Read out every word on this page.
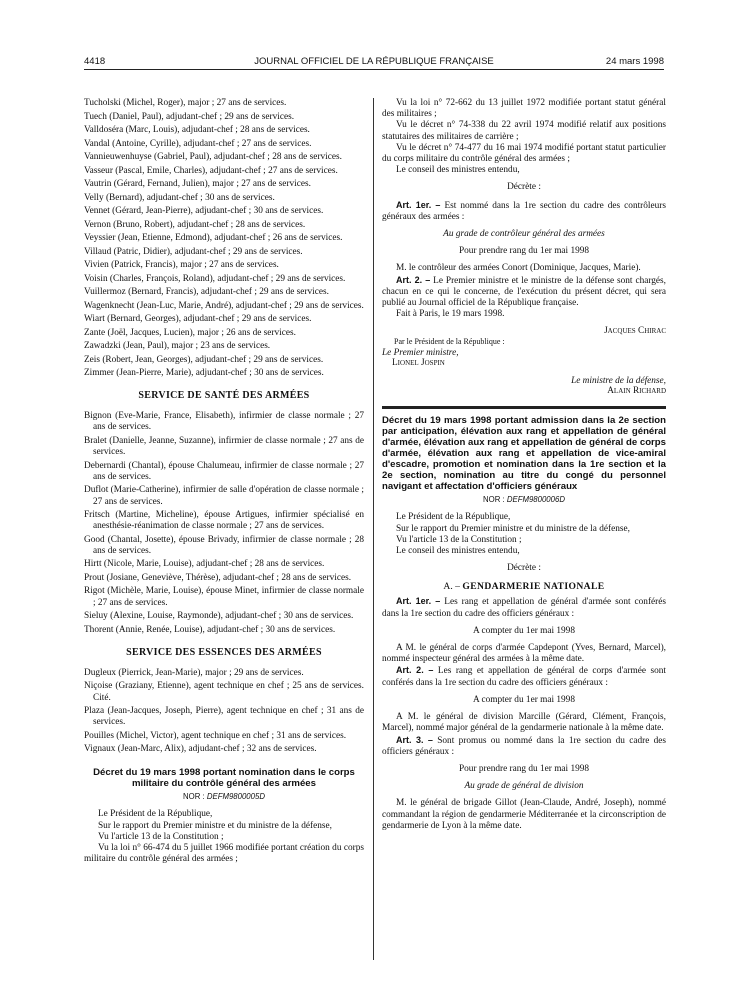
4418	JOURNAL OFFICIEL DE LA RÉPUBLIQUE FRANÇAISE	24 mars 1998

Tucholski (Michel, Roger), major ; 27 ans de services.

Tuech (Daniel, Paul), adjudant-chef ; 29 ans de services.

Valldoséra (Marc, Louis), adjudant-chef ; 28 ans de services.

Vandal (Antoine, Cyrille), adjudant-chef ; 27 ans de services.

Vannieuwenhuyse (Gabriel, Paul), adjudant-chef ; 28 ans de services.

Vasseur (Pascal, Emile, Charles), adjudant-chef ; 27 ans de services.

Vautrin (Gérard, Fernand, Julien), major ; 27 ans de services.

Velly (Bernard), adjudant-chef ; 30 ans de services.

Vennet (Gérard, Jean-Pierre), adjudant-chef ; 30 ans de services.

Vernon (Bruno, Robert), adjudant-chef ; 28 ans de services.

Veyssier (Jean, Etienne, Edmond), adjudant-chef ; 26 ans de services.

Villaud (Patric, Didier), adjudant-chef ; 29 ans de services.

Vivien (Patrick, Francis), major ; 27 ans de services.

Voisin (Charles, François, Roland), adjudant-chef ; 29 ans de services.

Vuillermoz (Bernard, Francis), adjudant-chef ; 29 ans de services.

Wagenknecht (Jean-Luc, Marie, André), adjudant-chef ; 29 ans de services.

Wiart (Bernard, Georges), adjudant-chef ; 29 ans de services.

Zante (Joël, Jacques, Lucien), major ; 26 ans de services.

Zawadzki (Jean, Paul), major ; 23 ans de services.

Zeis (Robert, Jean, Georges), adjudant-chef ; 29 ans de services.

Zimmer (Jean-Pierre, Marie), adjudant-chef ; 30 ans de services.

SERVICE DE SANTÉ DES ARMÉES

Bignon (Eve-Marie, France, Elisabeth), infirmier de classe normale ; 27 ans de services.

Bralet (Danielle, Jeanne, Suzanne), infirmier de classe normale ; 27 ans de services.

Debernardi (Chantal), épouse Chalumeau, infirmier de classe normale ; 27 ans de services.

Duflot (Marie-Catherine), infirmier de salle d'opération de classe normale ; 27 ans de services.

Fritsch (Martine, Micheline), épouse Artigues, infirmier spécialisé en anesthésie-réanimation de classe normale ; 27 ans de services.

Good (Chantal, Josette), épouse Brivady, infirmier de classe normale ; 28 ans de services.

Hirtt (Nicole, Marie, Louise), adjudant-chef ; 28 ans de services.

Prout (Josiane, Geneviève, Thérèse), adjudant-chef ; 28 ans de services.

Rigot (Michèle, Marie, Louise), épouse Minet, infirmier de classe normale ; 27 ans de services.

Sieluy (Alexine, Louise, Raymonde), adjudant-chef ; 30 ans de services.

Thorent (Annie, Renée, Louise), adjudant-chef ; 30 ans de services.

SERVICE DES ESSENCES DES ARMÉES

Dugleux (Pierrick, Jean-Marie), major ; 29 ans de services.

Niçoise (Graziany, Etienne), agent technique en chef ; 25 ans de services. Cité.

Plaza (Jean-Jacques, Joseph, Pierre), agent technique en chef ; 31 ans de services.

Pouilles (Michel, Victor), agent technique en chef ; 31 ans de services.

Vignaux (Jean-Marc, Alix), adjudant-chef ; 32 ans de services.

Décret du 19 mars 1998 portant nomination dans le corps militaire du contrôle général des armées

NOR : DEFM9800005D

Le Président de la République,

Sur le rapport du Premier ministre et du ministre de la défense,

Vu l'article 13 de la Constitution ;

Vu la loi n° 66-474 du 5 juillet 1966 modifiée portant création du corps militaire du contrôle général des armées ;

Vu la loi n° 72-662 du 13 juillet 1972 modifiée portant statut général des militaires ;

Vu le décret n° 74-338 du 22 avril 1974 modifié relatif aux positions statutaires des militaires de carrière ;

Vu le décret n° 74-477 du 16 mai 1974 modifié portant statut particulier du corps militaire du contrôle général des armées ;

Le conseil des ministres entendu,

Décrète :

Art. 1er. – Est nommé dans la 1re section du cadre des contrôleurs généraux des armées :

Au grade de contrôleur général des armées

Pour prendre rang du 1er mai 1998

M. le contrôleur des armées Conort (Dominique, Jacques, Marie).

Art. 2. – Le Premier ministre et le ministre de la défense sont chargés, chacun en ce qui le concerne, de l'exécution du présent décret, qui sera publié au Journal officiel de la République française.

Fait à Paris, le 19 mars 1998.

Jacques Chirac

Par le Président de la République :

Le Premier ministre,

Lionel Jospin

Le ministre de la défense,

Alain Richard

Décret du 19 mars 1998 portant admission dans la 2e section par anticipation, élévation aux rang et appellation de général d'armée, élévation aux rang et appellation de général de corps d'armée, élévation aux rang et appellation de vice-amiral d'escadre, promotion et nomination dans la 1re section et la 2e section, nomination au titre du congé du personnel navigant et affectation d'officiers généraux

NOR : DEFM9800006D

Le Président de la République,

Sur le rapport du Premier ministre et du ministre de la défense,

Vu l'article 13 de la Constitution ;

Le conseil des ministres entendu,

Décrète :

A. – GENDARMERIE NATIONALE

Art. 1er. – Les rang et appellation de général d'armée sont conférés dans la 1re section du cadre des officiers généraux :

A compter du 1er mai 1998

A M. le général de corps d'armée Capdepont (Yves, Bernard, Marcel), nommé inspecteur général des armées à la même date.

Art. 2. – Les rang et appellation de général de corps d'armée sont conférés dans la 1re section du cadre des officiers généraux :

A compter du 1er mai 1998

A M. le général de division Marcille (Gérard, Clément, François, Marcel), nommé major général de la gendarmerie nationale à la même date.

Art. 3. – Sont promus ou nommé dans la 1re section du cadre des officiers généraux :

Pour prendre rang du 1er mai 1998

Au grade de général de division

M. le général de brigade Gillot (Jean-Claude, André, Joseph), nommé commandant la région de gendarmerie Méditerranée et la circonscription de gendarmerie de Lyon à la même date.
